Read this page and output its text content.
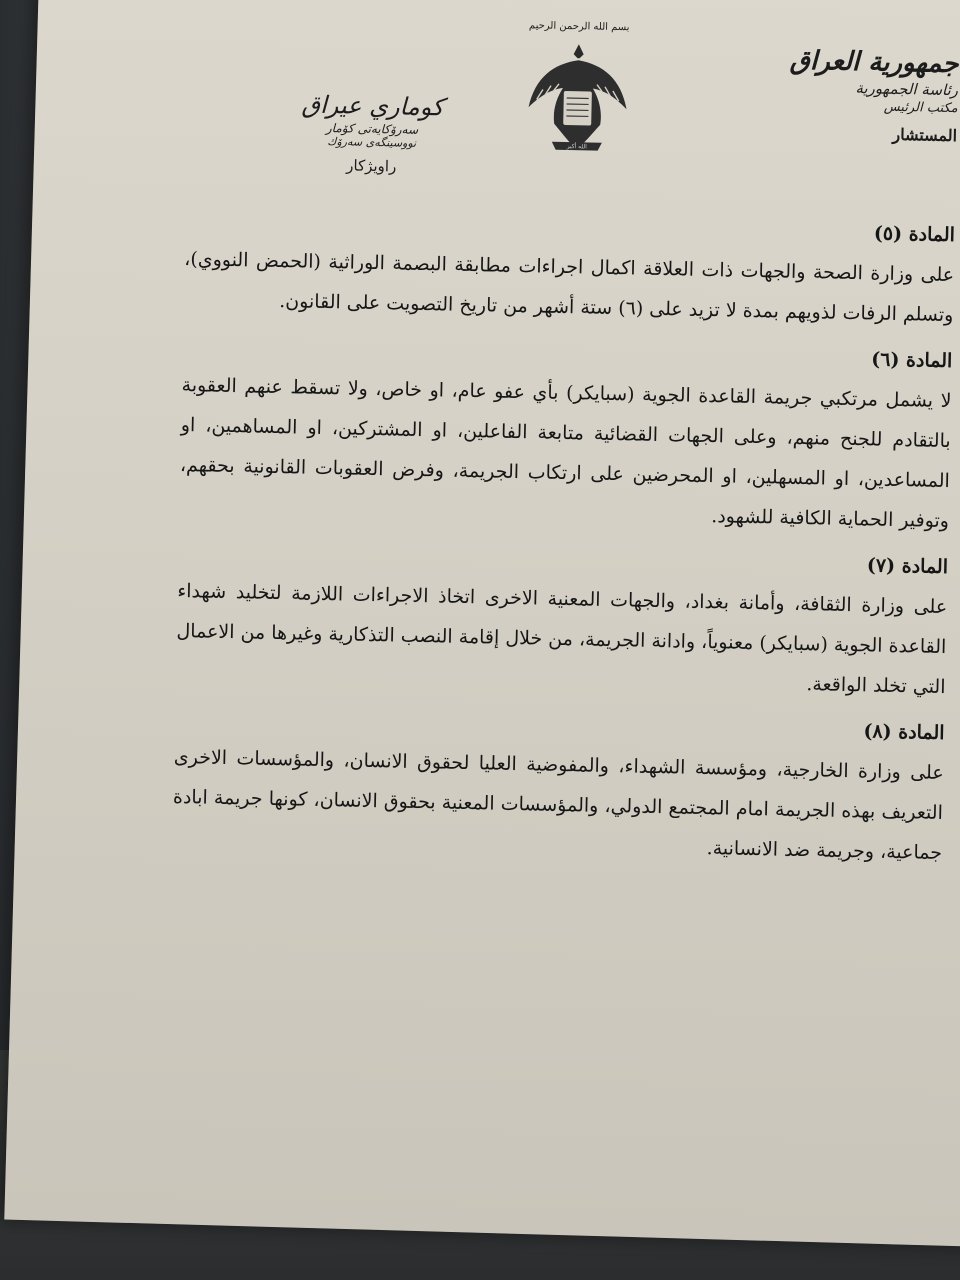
جمهورية العراق
رئاسة الجمهورية
مكتب الرئيس
المستشار
بسم الله الرحمن الرحيم
الله أكبر
كوماري عيراق
سەرۆكايەتی كۆمار
نووسینگەی سەرۆك
راويژكار
المادة (٥)
على وزارة الصحة والجهات ذات العلاقة اكمال اجراءات مطابقة البصمة الوراثية (الحمض النووي)، وتسلم الرفات لذويهم بمدة لا تزيد على (٦) ستة أشهر من تاريخ التصويت على القانون.
المادة (٦)
لا يشمل مرتكبي جريمة القاعدة الجوية (سبايكر) بأي عفو عام، او خاص، ولا تسقط عنهم العقوبة بالتقادم للجنح منهم، وعلى الجهات القضائية متابعة الفاعلين، او المشتركين، او المساهمين، او المساعدين، او المسهلين، او المحرضين على ارتكاب الجريمة، وفرض العقوبات القانونية بحقهم، وتوفير الحماية الكافية للشهود.
المادة (٧)
على وزارة الثقافة، وأمانة بغداد، والجهات المعنية الاخرى اتخاذ الاجراءات اللازمة لتخليد شهداء القاعدة الجوية (سبايكر) معنوياً، وادانة الجريمة، من خلال إقامة النصب التذكارية وغيرها من الاعمال التي تخلد الواقعة.
المادة (٨)
على وزارة الخارجية، ومؤسسة الشهداء، والمفوضية العليا لحقوق الانسان، والمؤسسات الاخرى التعريف بهذه الجريمة امام المجتمع الدولي، والمؤسسات المعنية بحقوق الانسان، كونها جريمة ابادة جماعية، وجريمة ضد الانسانية.
